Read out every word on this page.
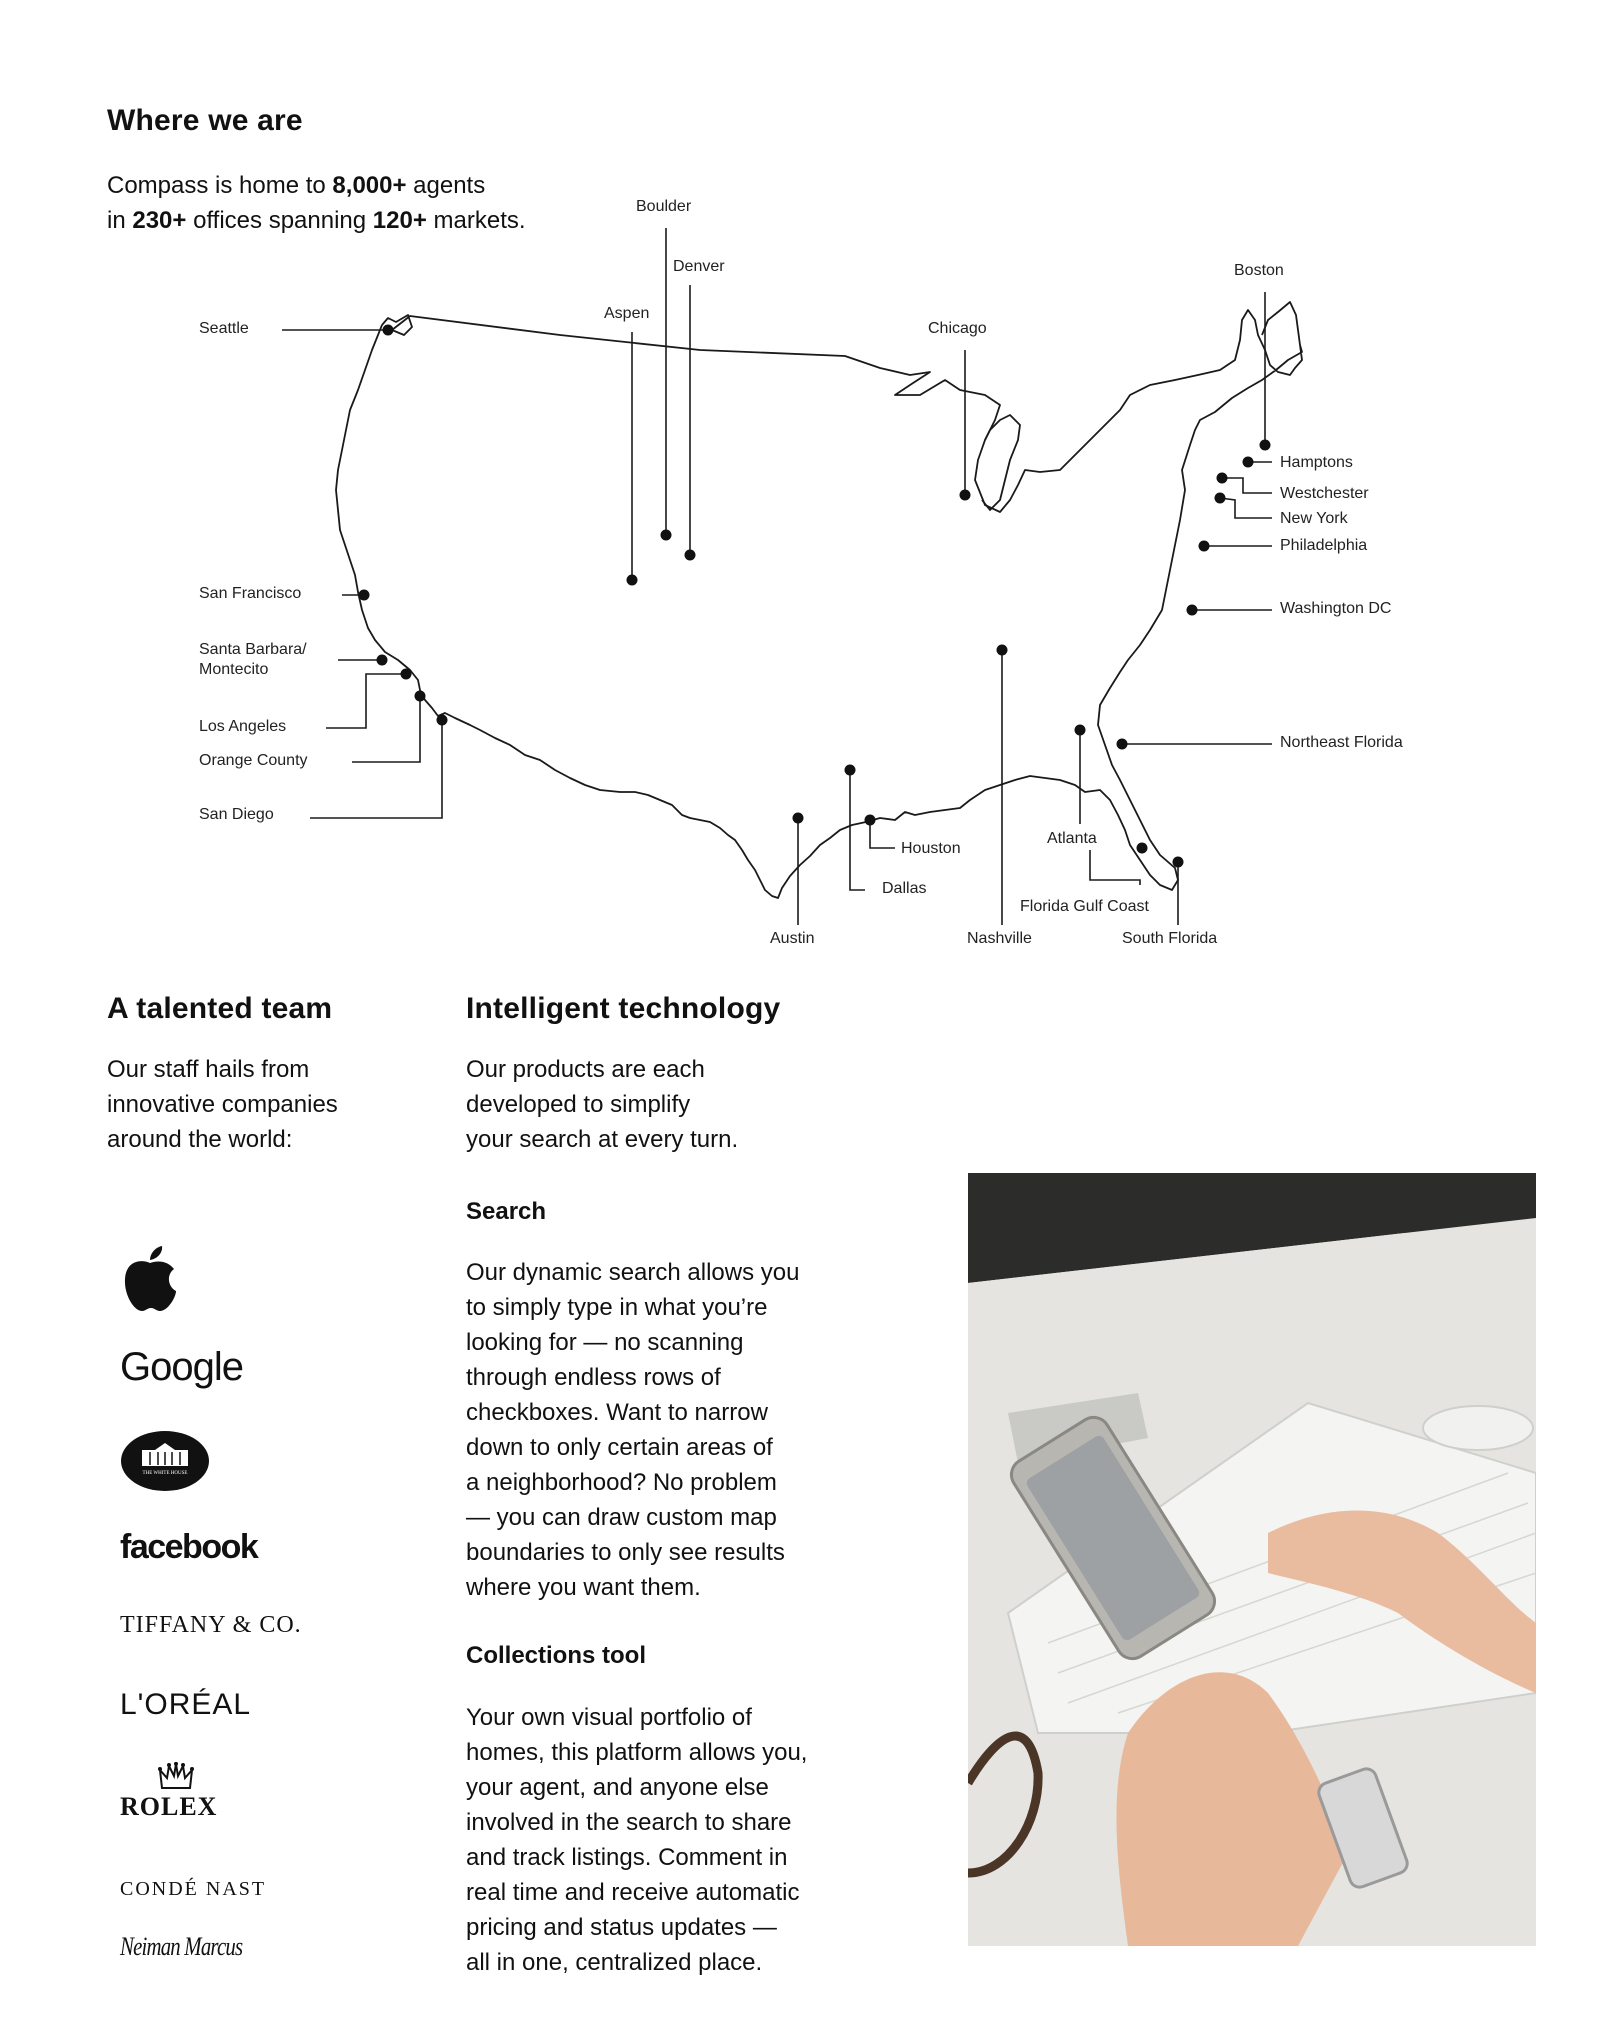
Where we are
Compass is home to 8,000+ agents
in 230+ offices spanning 120+ markets.
Boulder
Denver
Aspen
Seattle	Chicago
Boston
Hamptons
Westchester
New York
Philadelphia
Washington DC
San Francisco
Santa Barbara/
Montecito
Los Angeles
Orange County
San Diego
Northeast Florida
Atlanta
Houston
Dallas
Florida Gulf Coast
Austin	Nashville	South Florida
A talented team
Our staff hails from
innovative companies
around the world:
Google
THE WHITE HOUSE
facebook
TIFFANY & CO.
L'ORÉAL
ROLEX
CONDÉ NAST
Neiman Marcus
Intelligent technology
Our products are each
developed to simplify
your search at every turn.
Search
Our dynamic search allows you
to simply type in what you’re
looking for — no scanning
through endless rows of
checkboxes. Want to narrow
down to only certain areas of
a neighborhood? No problem
— you can draw custom map
boundaries to only see results
where you want them.
Collections tool
Your own visual portfolio of
homes, this platform allows you,
your agent, and anyone else
involved in the search to share
and track listings. Comment in
real time and receive automatic
pricing and status updates —
all in one, centralized place.
